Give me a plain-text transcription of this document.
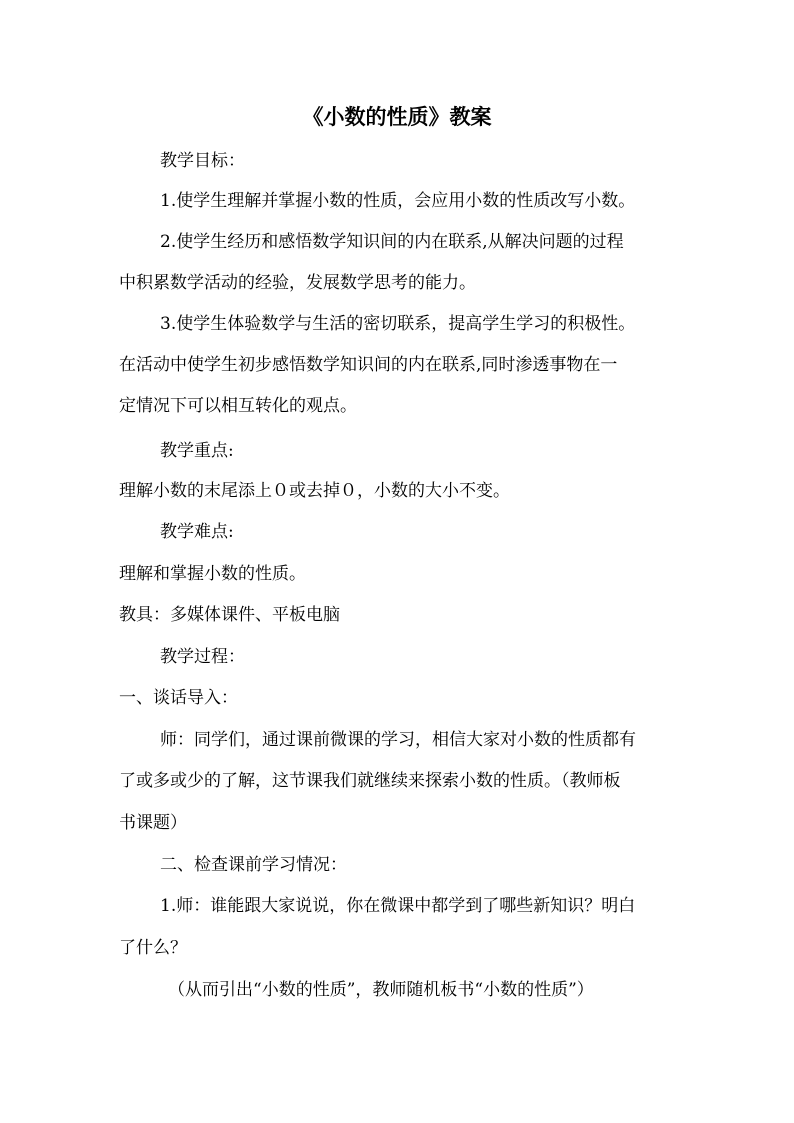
《小数的性质》教案
教学目标：
1.使学生理解并掌握小数的性质，会应用小数的性质改写小数。
2.使学生经历和感悟数学知识间的内在联系,从解决问题的过程
中积累数学活动的经验，发展数学思考的能力。
3.使学生体验数学与生活的密切联系，提高学生学习的积极性。
在活动中使学生初步感悟数学知识间的内在联系,同时渗透事物在一
定情况下可以相互转化的观点。
教学重点:
理解小数的末尾添上０或去掉０，小数的大小不变。
教学难点:
理解和掌握小数的性质。
教具：多媒体课件、平板电脑
教学过程：
一、谈话导入：
师：同学们，通过课前微课的学习，相信大家对小数的性质都有
了或多或少的了解，这节课我们就继续来探索小数的性质。（教师板
书课题）
二、检查课前学习情况：
1.师：谁能跟大家说说，你在微课中都学到了哪些新知识？明白
了什么？
（从而引出“小数的性质”，教师随机板书“小数的性质”）
